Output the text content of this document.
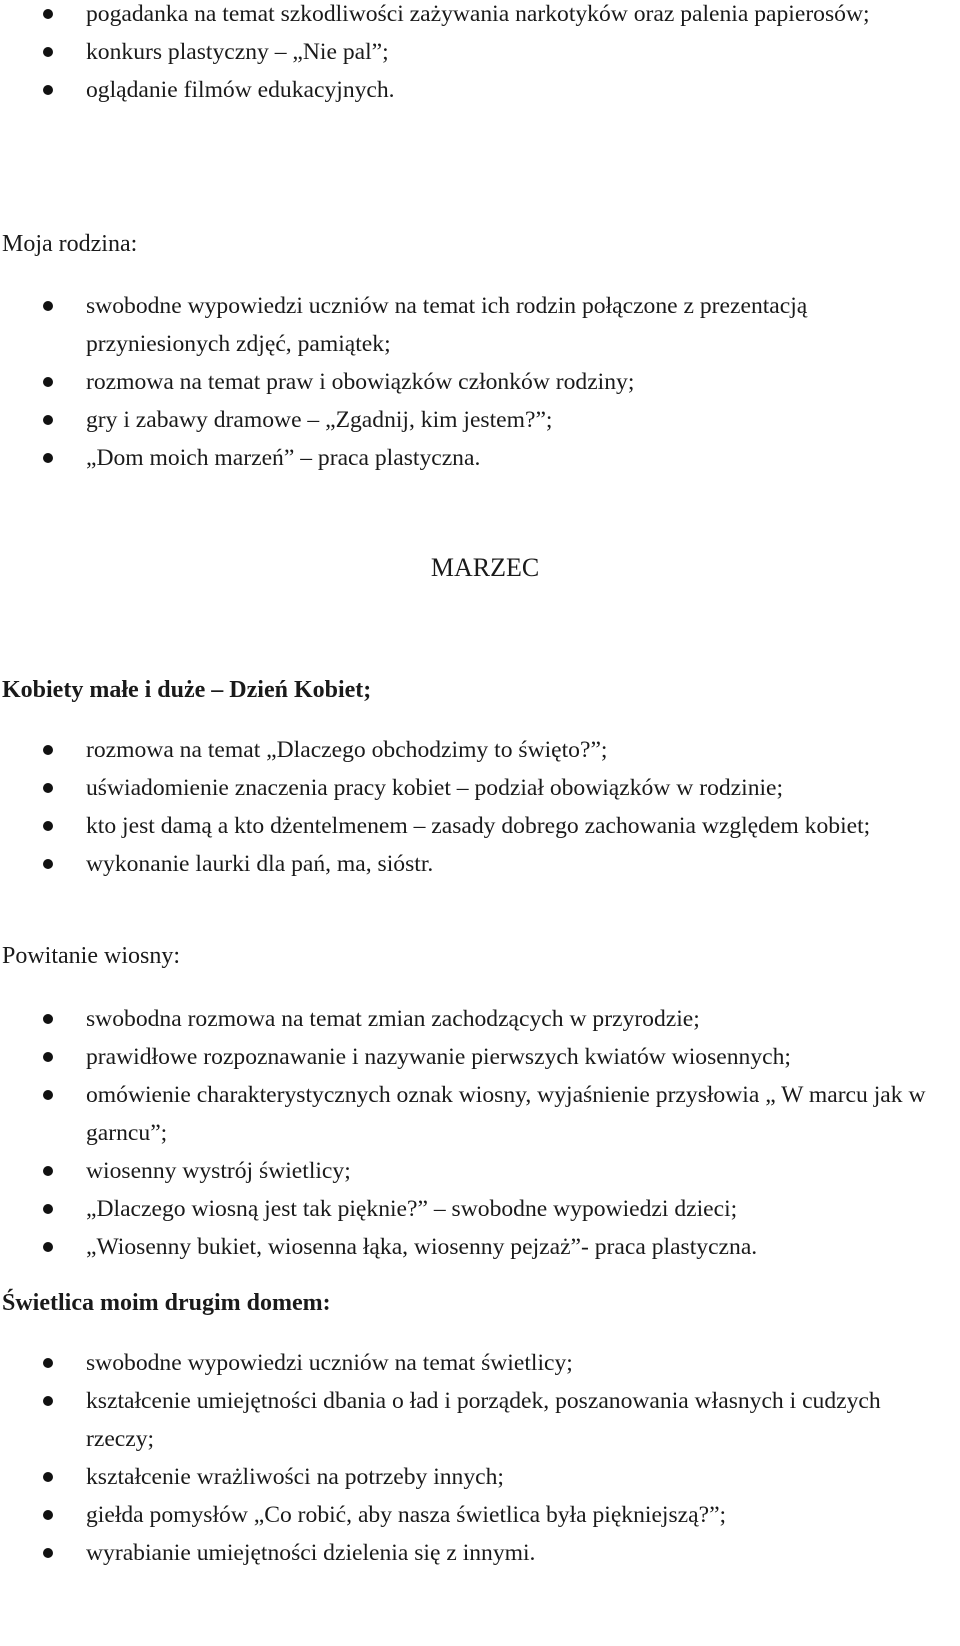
pogadanka na temat szkodliwości zażywania narkotyków oraz palenia papierosów;
konkurs plastyczny – „Nie pal”;
oglądanie filmów edukacyjnych.
Moja rodzina:
swobodne wypowiedzi uczniów na temat ich rodzin połączone z prezentacją przyniesionych zdjęć, pamiątek;
rozmowa na temat praw i obowiązków członków rodziny;
gry i zabawy dramowe – „Zgadnij, kim jestem?”;
„Dom moich marzeń” – praca plastyczna.
MARZEC
Kobiety małe i duże – Dzień Kobiet;
rozmowa na temat „Dlaczego obchodzimy to święto?”;
uświadomienie znaczenia pracy kobiet – podział obowiązków w rodzinie;
kto jest damą a kto dżentelmenem – zasady dobrego zachowania względem kobiet;
wykonanie laurki dla pań, ma, sióstr.
Powitanie wiosny:
swobodna rozmowa na temat zmian zachodzących w przyrodzie;
prawidłowe rozpoznawanie i nazywanie pierwszych kwiatów wiosennych;
omówienie charakterystycznych oznak wiosny, wyjaśnienie przysłowia „ W marcu jak w garncu”;
wiosenny wystrój świetlicy;
„Dlaczego wiosną jest tak pięknie?” – swobodne wypowiedzi dzieci;
„Wiosenny bukiet, wiosenna łąka, wiosenny pejzaż”- praca plastyczna.
Świetlica moim drugim domem:
swobodne wypowiedzi uczniów na temat świetlicy;
kształcenie umiejętności dbania o ład i porządek, poszanowania własnych i cudzych rzeczy;
kształcenie wrażliwości na potrzeby innych;
giełda pomysłów „Co robić, aby nasza świetlica była piękniejszą?”;
wyrabianie umiejętności dzielenia się z innymi.
